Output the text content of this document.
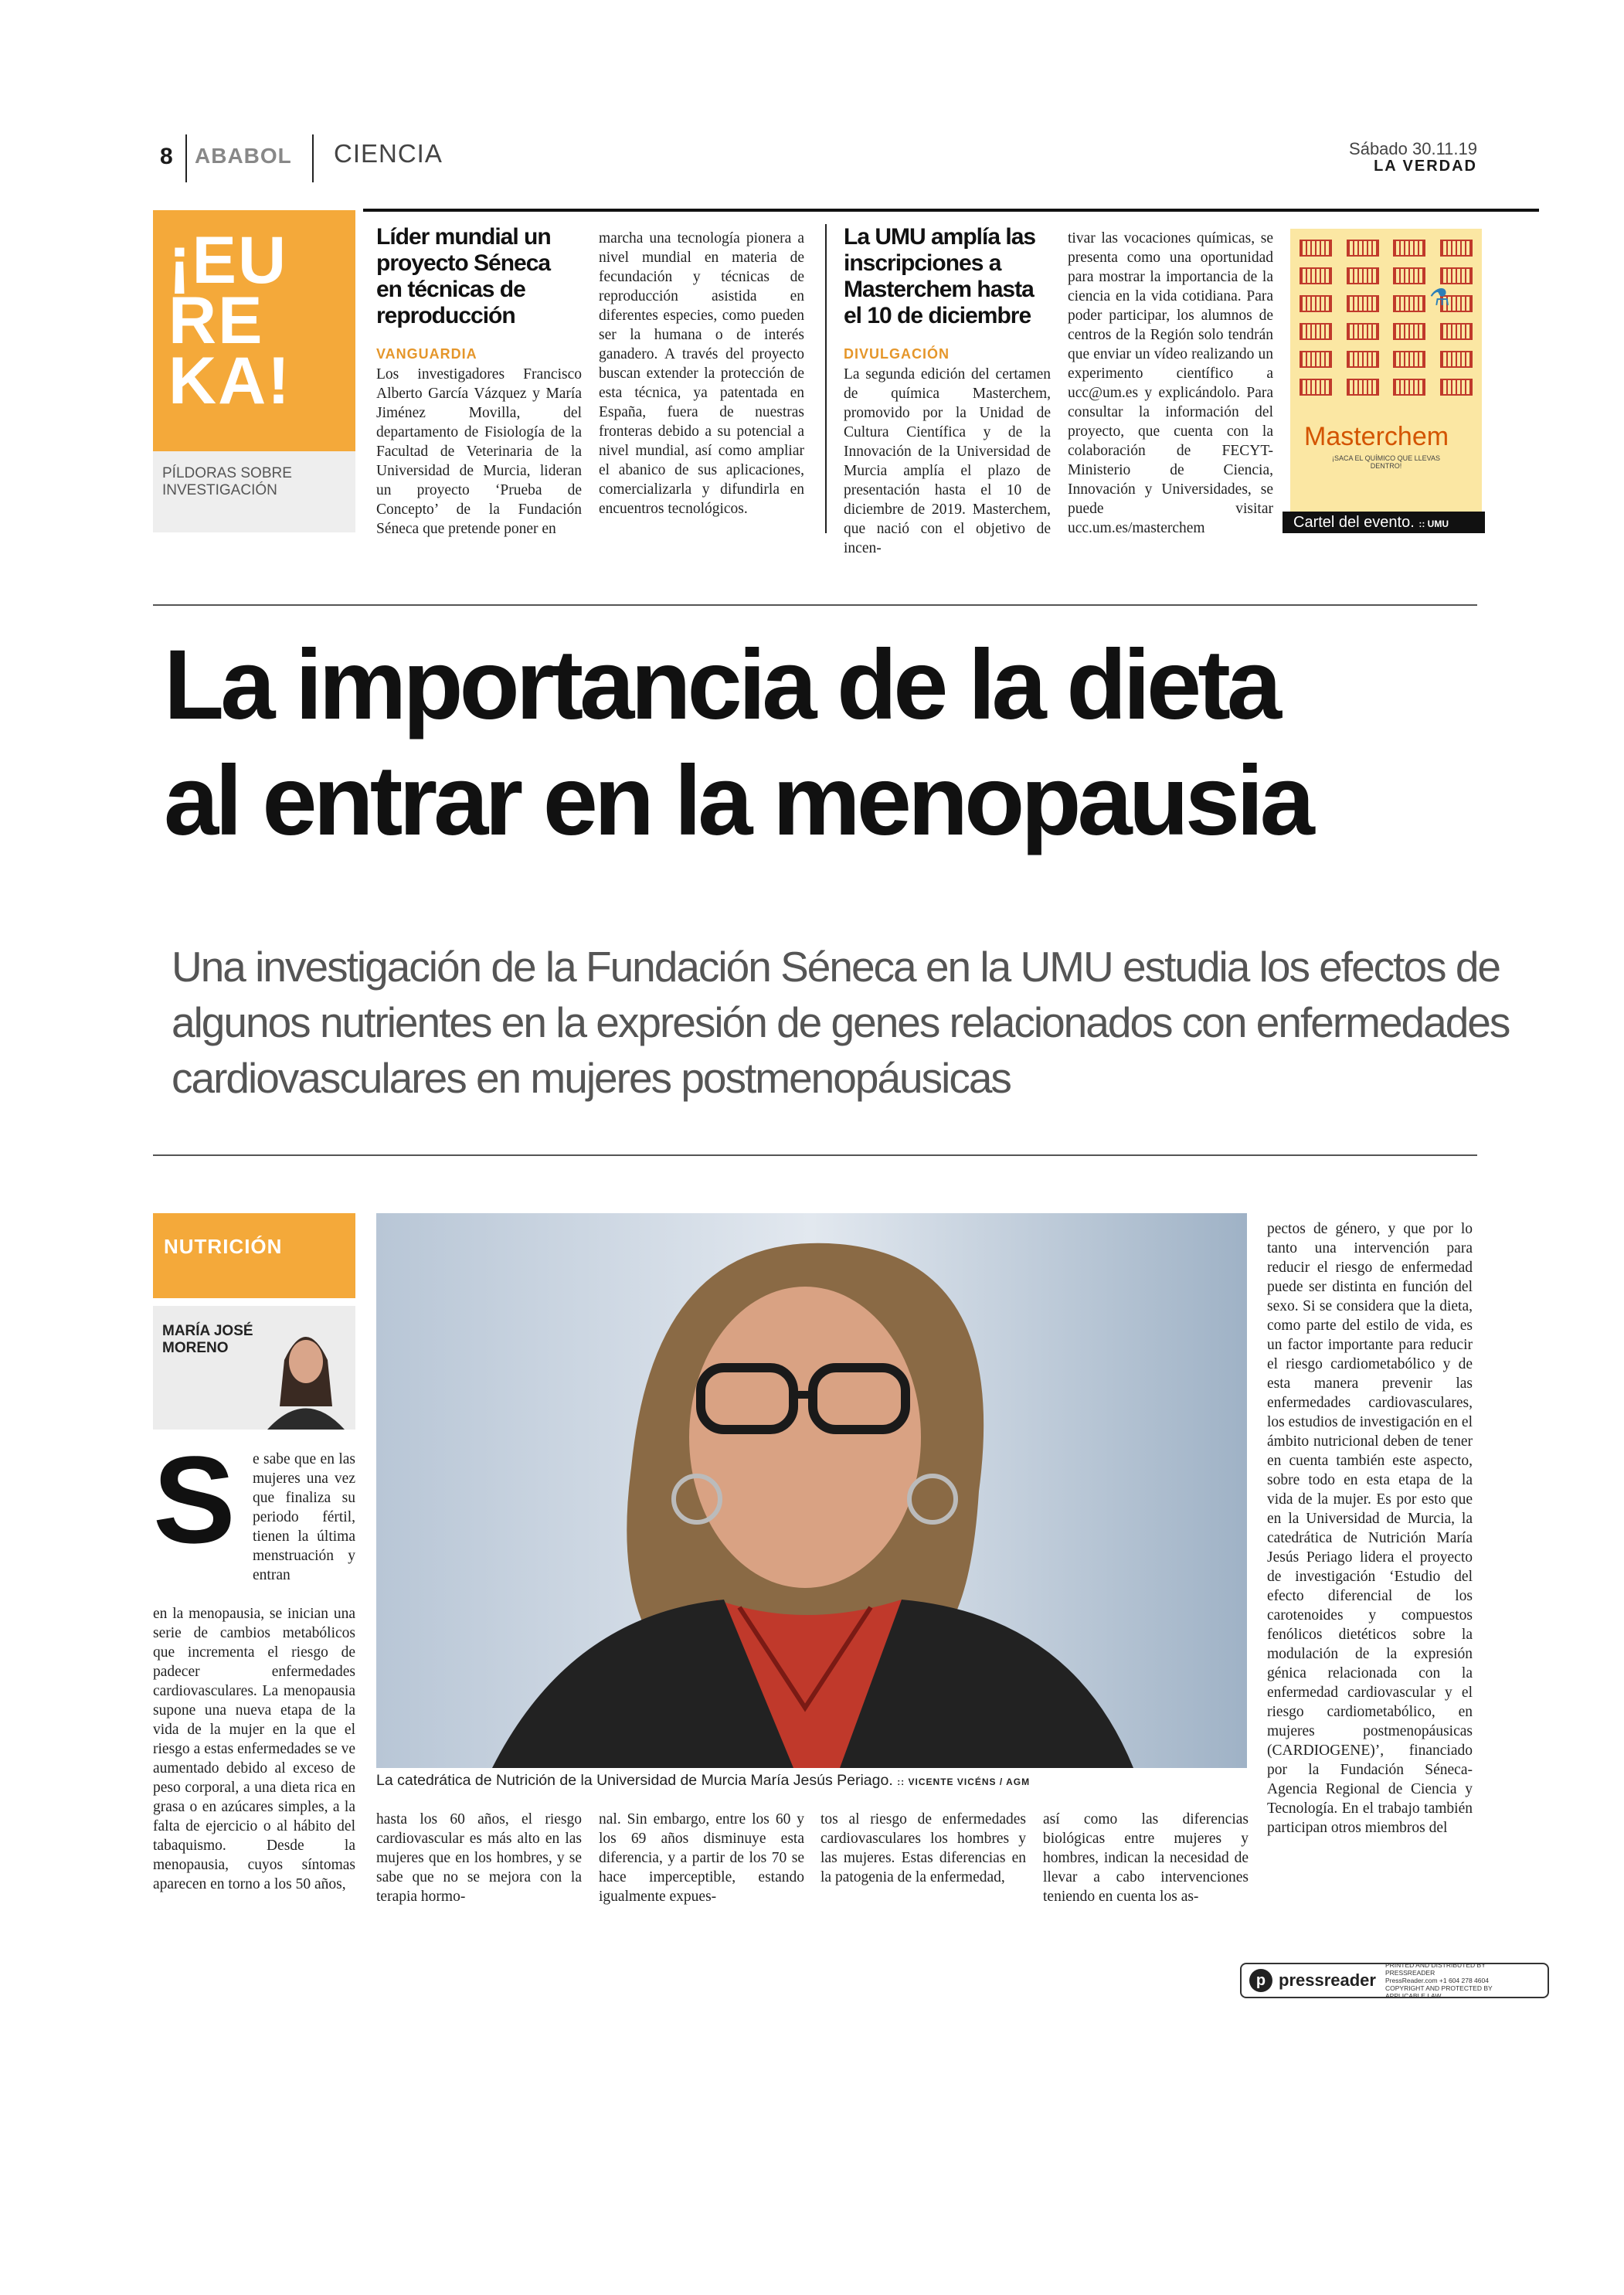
8 ABABOL CIENCIA	Sábado 30.11.19
LA VERDAD
¡EU
RE
KA!
PÍLDORAS SOBRE INVESTIGACIÓN
Líder mundial un proyecto Séneca en técnicas de reproducción
VANGUARDIA
Los investigadores Francisco Alberto García Vázquez y María Jiménez Movilla, del departamento de Fisiología de la Facultad de Veterinaria de la Universidad de Murcia, lideran un proyecto ‘Prueba de Concepto’ de la Fundación Séneca que pretende poner en
marcha una tecnología pionera a nivel mundial en materia de fecundación y técnicas de reproducción asistida en diferentes especies, como pueden ser la humana o de interés ganadero. A través del proyecto buscan extender la protección de esta técnica, ya patentada en España, fuera de nuestras fronteras debido a su potencial a nivel mundial, así como ampliar el abanico de sus aplicaciones, comercializarla y difundirla en encuentros tecnológicos.
La UMU amplía las inscripciones a Masterchem hasta el 10 de diciembre
DIVULGACIÓN
La segunda edición del certamen de química Masterchem, promovido por la Unidad de Cultura Científica y de la Innovación de la Universidad de Murcia amplía el plazo de presentación hasta el 10 de diciembre de 2019. Masterchem, que nació con el objetivo de incen-
tivar las vocaciones químicas, se presenta como una oportunidad para mostrar la importancia de la ciencia en la vida cotidiana. Para poder participar, los alumnos de centros de la Región solo tendrán que enviar un vídeo realizando un experimento científico a ucc@um.es y explicándolo. Para consultar la información del proyecto, que cuenta con la colaboración de FECYT-Ministerio de Ciencia, Innovación y Universidades, se puede visitar ucc.um.es/masterchem
⚗
Masterchem
¡SACA EL QUÍMICO QUE LLEVAS DENTRO!
Cartel del evento. :: UMU
La importancia de la dieta
al entrar en la menopausia
Una investigación de la Fundación Séneca en la UMU estudia los efectos de algunos nutrientes en la expresión de genes relacionados con enfermedades cardiovasculares en mujeres postmenopáusicas
NUTRICIÓN
MARÍA JOSÉ MORENO
S e sabe que en las mujeres una vez que finaliza su periodo fértil, tienen la última menstruación y entran
en la menopausia, se inician una serie de cambios metabólicos que incrementa el riesgo de padecer enfermedades cardiovasculares. La menopausia supone una nueva etapa de la vida de la mujer en la que el riesgo a estas enfermedades se ve aumentado debido al exceso de peso corporal, a una dieta rica en grasa o en azúcares simples, a la falta de ejercicio o al hábito del tabaquismo. Desde la menopausia, cuyos síntomas aparecen en torno a los 50 años,
La catedrática de Nutrición de la Universidad de Murcia María Jesús Periago. :: VICENTE VICÉNS / AGM
hasta los 60 años, el riesgo cardiovascular es más alto en las mujeres que en los hombres, y se sabe que no se mejora con la terapia hormo-
nal. Sin embargo, entre los 60 y los 69 años disminuye esta diferencia, y a partir de los 70 se hace imperceptible, estando igualmente expues-
tos al riesgo de enfermedades cardiovasculares los hombres y las mujeres. Estas diferencias en la patogenia de la enfermedad,
así como las diferencias biológicas entre mujeres y hombres, indican la necesidad de llevar a cabo intervenciones teniendo en cuenta los as-
pectos de género, y que por lo tanto una intervención para reducir el riesgo de enfermedad puede ser distinta en función del sexo. Si se considera que la dieta, como parte del estilo de vida, es un factor importante para reducir el riesgo cardiometabólico y de esta manera prevenir las enfermedades cardiovasculares, los estudios de investigación en el ámbito nutricional deben de tener en cuenta también este aspecto, sobre todo en esta etapa de la vida de la mujer. Es por esto que en la Universidad de Murcia, la catedrática de Nutrición María Jesús Periago lidera el proyecto de investigación ‘Estudio del efecto diferencial de los carotenoides y compuestos fenólicos dietéticos sobre la modulación de la expresión génica relacionada con la enfermedad cardiovascular y el riesgo cardiometabólico, en mujeres postmenopáusicas (CARDIOGENE)’, financiado por la Fundación Séneca- Agencia Regional de Ciencia y Tecnología. En el trabajo también participan otros miembros del
p pressreader
PRINTED AND DISTRIBUTED BY PRESSREADER
PressReader.com +1 604 278 4604
COPYRIGHT AND PROTECTED BY APPLICABLE LAW
